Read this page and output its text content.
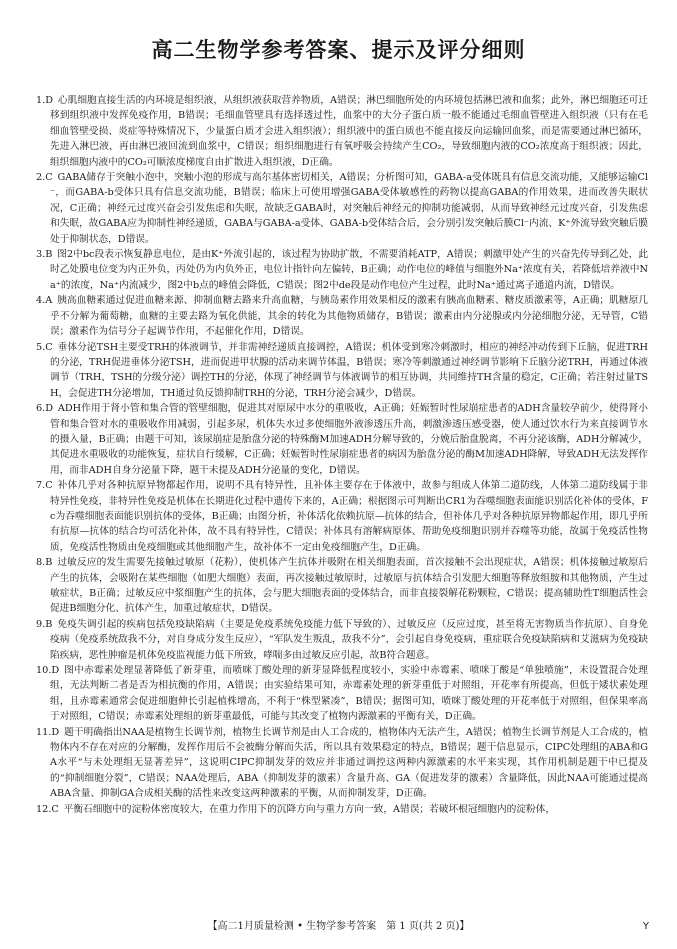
高二生物学参考答案、提示及评分细则

1.D  心肌细胞直接生活的内环境是组织液，从组织液获取营养物质，A错误；淋巴细胞所处的内环境包括淋巴液和血浆；此外，淋巴细胞还可迁移到组织液中发挥免疫作用，B错误；毛细血管壁具有选择透过性，血浆中的大分子蛋白质一般不能通过毛细血管壁进入组织液（只有在毛细血管壁受损、炎症等特殊情况下，少量蛋白质才会进入组织液）；组织液中的蛋白质也不能直接反向运输回血浆，而是需要通过淋巴循环，先进入淋巴液，再由淋巴液回流到血浆中，C错误；组织细胞进行有氧呼吸会持续产生CO₂，导致细胞内液的CO₂浓度高于组织液；因此，组织细胞内液中的CO₂可顺浓度梯度自由扩散进入组织液，D正确。

2.C  GABA储存于突触小泡中，突触小泡的形成与高尔基体密切相关，A错误；分析图可知，GABA-a受体既具有信息交流功能，又能够运输Cl⁻，而GABA-b受体只具有信息交流功能，B错误；临床上可使用增强GABA受体敏感性的药物以提高GABA的作用效果，进而改善失眠状况，C正确；神经元过度兴奋会引发焦虑和失眠，故缺乏GABA时，对突触后神经元的抑制功能减弱，从而导致神经元过度兴奋，引发焦虑和失眠，故GABA应为抑制性神经递质，GABA与GABA-a受体、GABA-b受体结合后，会分别引发突触后膜Cl⁻内流、K⁺外流导致突触后膜处于抑制状态，D错误。

3.B  图2中bc段表示恢复静息电位，是由K⁺外流引起的，该过程为协助扩散，不需要消耗ATP，A错误；刺激甲处产生的兴奋先传导到乙处，此时乙处膜电位变为内正外负，丙处仍为内负外正，电位计指针向左偏转，B正确；动作电位的峰值与细胞外Na⁺浓度有关，若降低培养液中Na⁺的浓度，Na⁺内流减少，图2中b点的峰值会降低，C错误；图2中de段是动作电位产生过程，此时Na⁺通过离子通道内流，D错误。

4.A  胰高血糖素通过促进血糖来源、抑制血糖去路来升高血糖，与胰岛素作用效果相反的激素有胰高血糖素、糖皮质激素等，A正确；肌糖原几乎不分解为葡萄糖，血糖的主要去路为氧化供能，其余的转化为其他物质储存，B错误；激素由内分泌腺或内分泌细胞分泌，无导管，C错误；激素作为信号分子起调节作用，不起催化作用，D错误。

5.C  垂体分泌TSH主要受TRH的体液调节，并非需神经递质直接调控，A错误；机体受到寒冷刺激时，相应的神经冲动传到下丘脑，促进TRH的分泌，TRH促进垂体分泌TSH，进而促进甲状腺的活动来调节体温，B错误；寒冷等刺激通过神经调节影响下丘脑分泌TRH，再通过体液调节（TRH、TSH的分级分泌）调控TH的分泌，体现了神经调节与体液调节的相互协调，共同维持TH含量的稳定，C正确；若注射过量TSH，会促进TH分泌增加，TH通过负反馈抑制TRH的分泌，TRH分泌会减少，D错误。

6.D  ADH作用于肾小管和集合管的管壁细胞，促进其对原尿中水分的重吸收，A正确；妊娠暂时性尿崩症患者的ADH含量较孕前少，使得肾小管和集合管对水的重吸收作用减弱，引起多尿，机体失水过多使细胞外液渗透压升高，刺激渗透压感受器，使人通过饮水行为来直接调节水的摄入量，B正确；由题干可知，该尿崩症是胎盘分泌的特殊酶M加速ADH分解导致的，分娩后胎盘脱离，不再分泌该酶，ADH分解减少，其促进水重吸收的功能恢复，症状自行缓解，C正确；妊娠暂时性尿崩症患者的病因为胎盘分泌的酶M加速ADH降解，导致ADH无法发挥作用，而非ADH自身分泌量下降，题干未提及ADH分泌量的变化，D错误。

7.C  补体几乎对各种抗原异物都起作用，说明不具有特异性，且补体主要存在于体液中，故参与组成人体第二道防线，人体第二道防线属于非特异性免疫，非特异性免疫是机体在长期进化过程中遗传下来的，A正确；根据图示可判断出CR1为吞噬细胞表面能识别活化补体的受体，Fc为吞噬细胞表面能识别抗体的受体，B正确；由图分析，补体活化依赖抗原—抗体的结合，但补体几乎对各种抗原异物都起作用，即几乎所有抗原—抗体的结合均可活化补体，故不具有特异性，C错误；补体具有溶解病原体、帮助免疫细胞识别并吞噬等功能，故属于免疫活性物质，免疫活性物质由免疫细胞或其他细胞产生，故补体不一定由免疫细胞产生，D正确。

8.B  过敏反应的发生需要先接触过敏原（花粉），使机体产生抗体并吸附在相关细胞表面，首次接触不会出现症状，A错误；机体接触过敏原后产生的抗体，会吸附在某些细胞（如肥大细胞）表面，再次接触过敏原时，过敏原与抗体结合引发肥大细胞等释放组胺和其他物质，产生过敏症状，B正确；过敏反应中浆细胞产生的抗体，会与肥大细胞表面的受体结合，而非直接裂解花粉颗粒，C错误；提高辅助性T细胞活性会促进B细胞分化、抗体产生，加重过敏症状，D错误。

9.B  免疫失调引起的疾病包括免疫缺陷病（主要是免疫系统免疫能力低下导致的）、过敏反应（反应过度，甚至将无害物质当作抗原）、自身免疫病（免疫系统敌我不分，对自身成分发生反应），“军队发生叛乱，敌我不分”，会引起自身免疫病，重症联合免疫缺陷病和艾滋病为免疫缺陷疾病，恶性肿瘤是机体免疫监视能力低下所致，哮喘多由过敏反应引起，故B符合题意。

10.D  图中赤霉素处理显著降低了新芽重，而喷咪丁酸处理的新芽显降低程度较小，实验中赤霉素、喷咪丁酸是“单独喷施”，未设置混合处理组，无法判断二者是否为相抗衡的作用，A错误；由实验结果可知，赤霉素处理的新芽重低于对照组，开花率有所提高，但低于矮状素处理组，且赤霉素通常会促进细胞伸长引起植株增高，不利于“株型紧凑”，B错误；据图可知，喷咪丁酸处理的开花率低于对照组，但保果率高于对照组，C错误；赤霉素处理组的新芽重最低，可能与其改变了植物内源激素的平衡有关，D正确。

11.D  题干明确指出NAA是植物生长调节剂，植物生长调节剂是由人工合成的，植物体内无法产生，A错误；植物生长调节剂是人工合成的，植物体内不存在对应的分解酶，发挥作用后不会被酶分解而失活，所以具有效果稳定的特点，B错误；题干信息显示，CIPC处理组的ABA和GA水平“与未处理组无显著差异”，这说明CIPC抑制发芽的效应并非通过调控这两种内源激素的水平来实现，其作用机制是题干中已提及的“抑制细胞分裂”，C错误；NAA处理后，ABA（抑制发芽的激素）含量升高、GA（促进发芽的激素）含量降低，因此NAA可能通过提高ABA含量、抑制GA合成相关酶的活性来改变这两种激素的平衡，从而抑制发芽，D正确。

12.C  平衡石细胞中的淀粉体密度较大，在重力作用下的沉降方向与重力方向一致，A错误；若破坏根冠细胞内的淀粉体，

【高二1月质量检测 • 生物学参考答案　第 1 页(共 2 页)】	Y
